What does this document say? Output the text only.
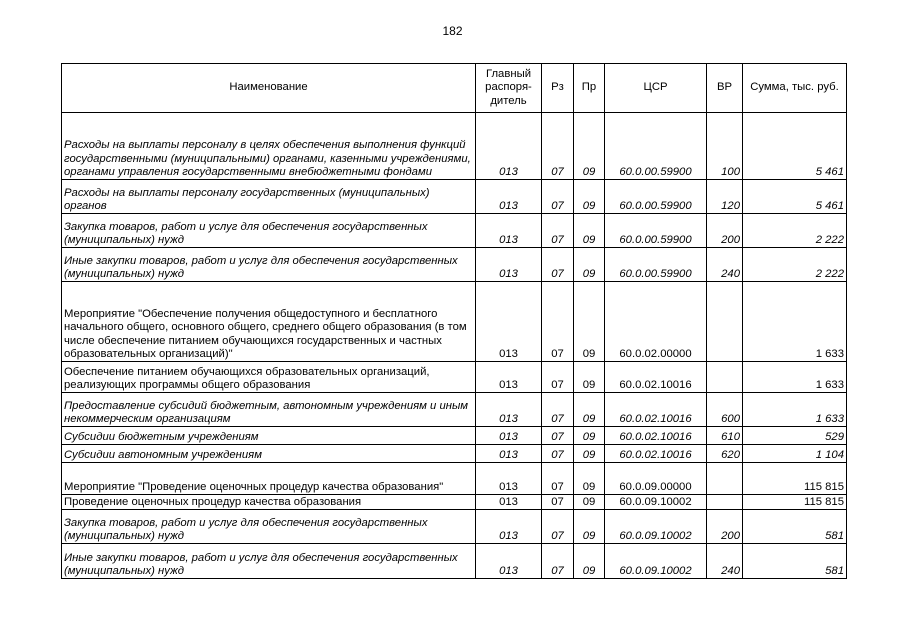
182
Наименование	Главный распоря-дитель	Рз	Пр	ЦСР	ВР	Сумма, тыс. руб.
Расходы на выплаты персоналу в целях обеспечения выполнения функций государственными (муниципальными) органами, казенными учреждениями, органами управления государственными внебюджетными фондами	013	07	09	60.0.00.59900	100	5 461
Расходы на выплаты персоналу государственных (муниципальных) органов	013	07	09	60.0.00.59900	120	5 461
Закупка товаров, работ и услуг для обеспечения государственных (муниципальных) нужд	013	07	09	60.0.00.59900	200	2 222
Иные закупки товаров, работ и услуг для обеспечения государственных (муниципальных) нужд	013	07	09	60.0.00.59900	240	2 222
Мероприятие "Обеспечение получения общедоступного и бесплатного начального общего, основного общего, среднего общего образования (в том числе обеспечение питанием обучающихся государственных и частных образовательных организаций)"	013	07	09	60.0.02.00000		1 633
Обеспечение питанием обучающихся образовательных организаций, реализующих программы общего образования	013	07	09	60.0.02.10016		1 633
Предоставление субсидий бюджетным, автономным учреждениям и иным некоммерческим организациям	013	07	09	60.0.02.10016	600	1 633
Субсидии бюджетным учреждениям	013	07	09	60.0.02.10016	610	529
Субсидии автономным учреждениям	013	07	09	60.0.02.10016	620	1 104
Мероприятие "Проведение оценочных процедур качества образования"	013	07	09	60.0.09.00000		115 815
Проведение оценочных процедур качества образования	013	07	09	60.0.09.10002		115 815
Закупка товаров, работ и услуг для обеспечения государственных (муниципальных) нужд	013	07	09	60.0.09.10002	200	581
Иные закупки товаров, работ и услуг для обеспечения государственных (муниципальных) нужд	013	07	09	60.0.09.10002	240	581
